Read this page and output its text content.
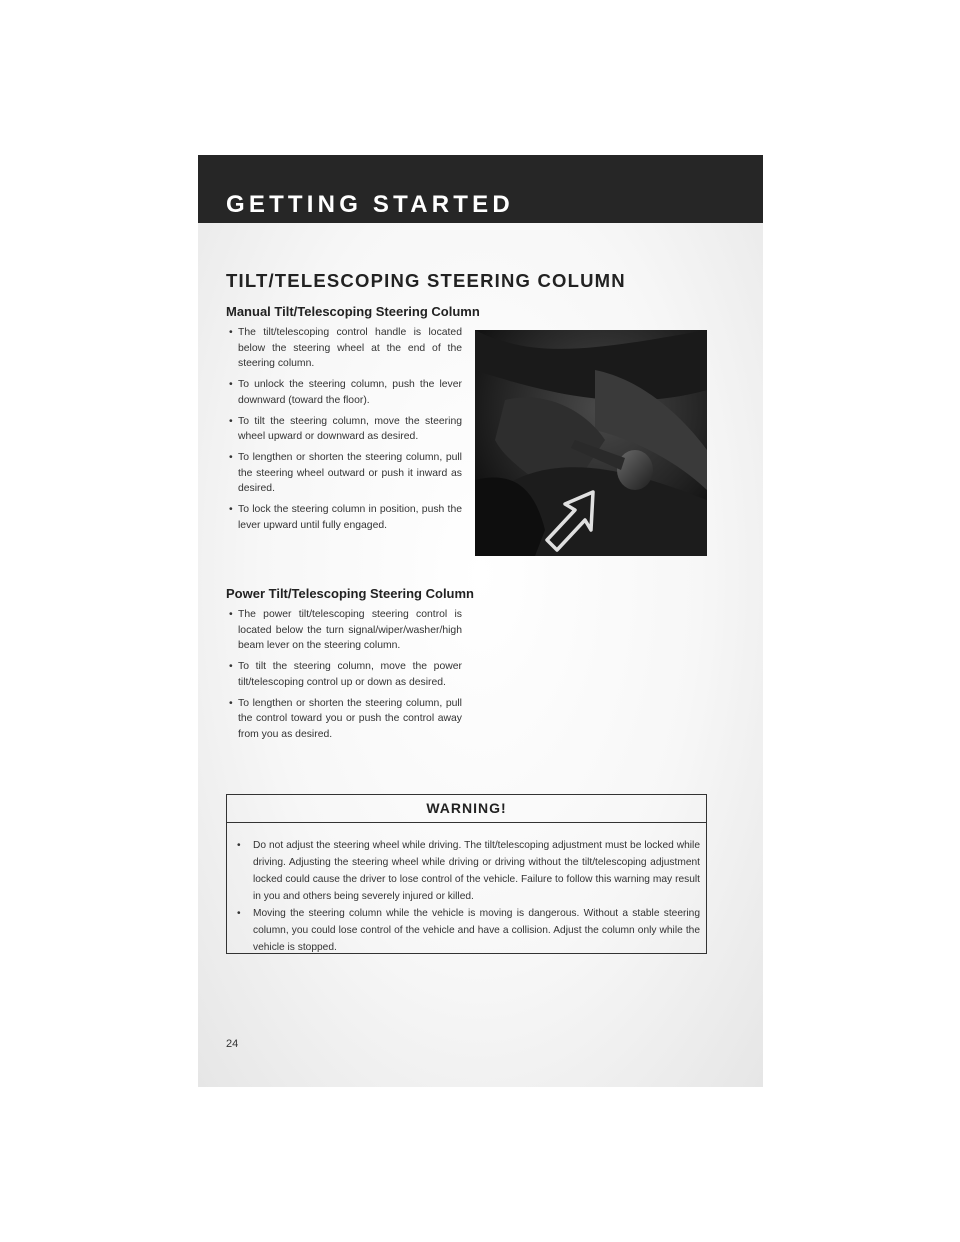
GETTING STARTED
TILT/TELESCOPING STEERING COLUMN
Manual Tilt/Telescoping Steering Column
• The tilt/telescoping control handle is located below the steering wheel at the end of the steering column.
• To unlock the steering column, push the lever downward (toward the floor).
• To tilt the steering column, move the steering wheel upward or downward as desired.
• To lengthen or shorten the steering column, pull the steering wheel outward or push it inward as desired.
• To lock the steering column in position, push the lever upward until fully engaged.
Power Tilt/Telescoping Steering Column
• The power tilt/telescoping steering control is located below the turn signal/wiper/washer/high beam lever on the steering column.
• To tilt the steering column, move the power tilt/telescoping control up or down as desired.
• To lengthen or shorten the steering column, pull the control toward you or push the control away from you as desired.
WARNING!
• Do not adjust the steering wheel while driving. The tilt/telescoping adjustment must be locked while driving. Adjusting the steering wheel while driving or driving without the tilt/telescoping adjustment locked could cause the driver to lose control of the vehicle. Failure to follow this warning may result in you and others being severely injured or killed.
• Moving the steering column while the vehicle is moving is dangerous. Without a stable steering column, you could lose control of the vehicle and have a collision. Adjust the column only while the vehicle is stopped.

24
